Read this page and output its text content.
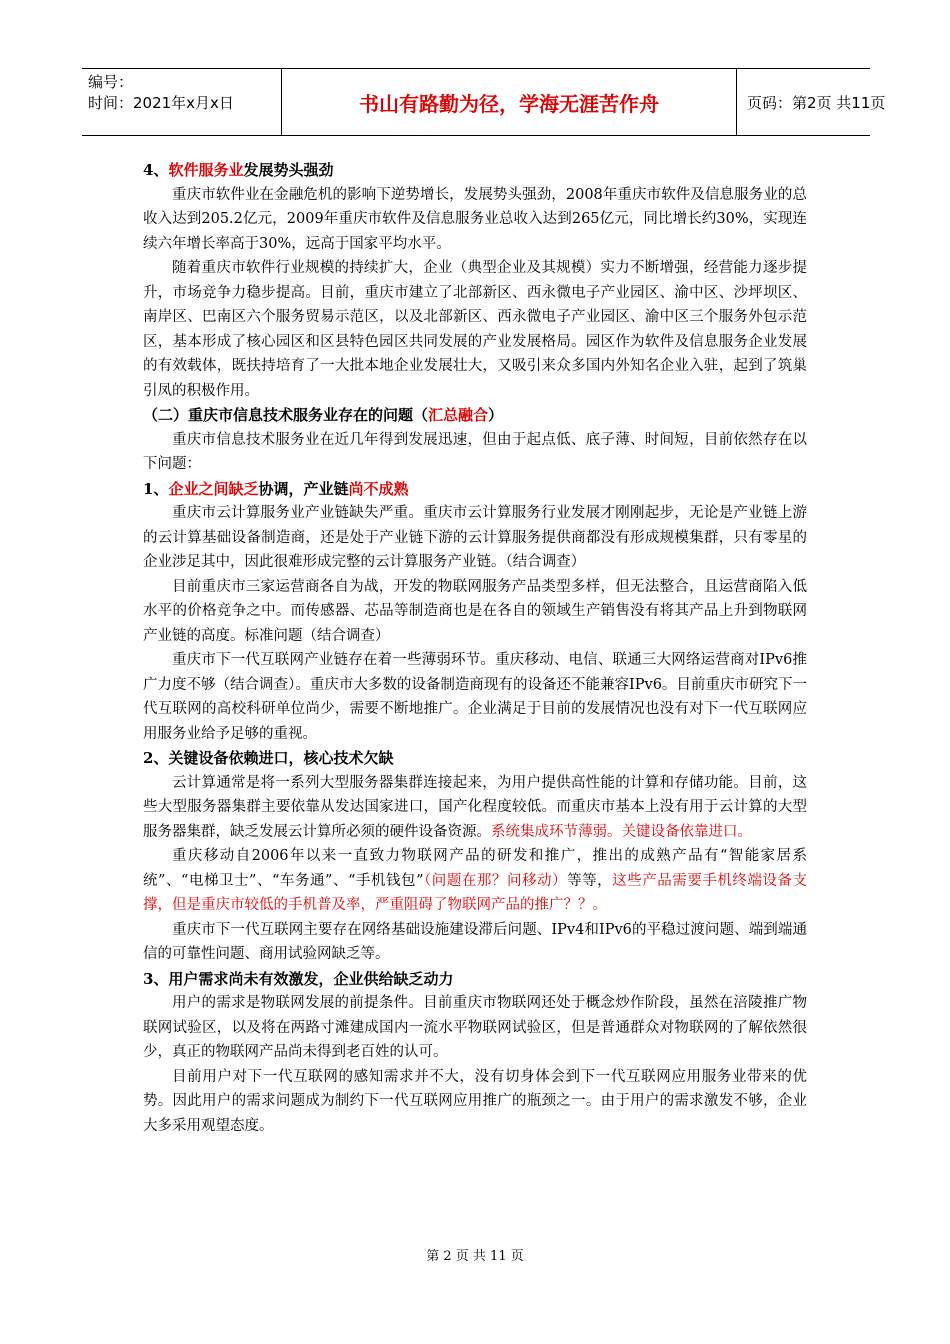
编号：
时间：2021年x月x日	书山有路勤为径，学海无涯苦作舟	页码：第2页 共11页

4、软件服务业发展势头强劲

重庆市软件业在金融危机的影响下逆势增长，发展势头强劲，2008年重庆市软件及信息服务业的总收入达到205.2亿元，2009年重庆市软件及信息服务业总收入达到265亿元，同比增长约30%，实现连续六年增长率高于30%，远高于国家平均水平。

随着重庆市软件行业规模的持续扩大，企业（典型企业及其规模）实力不断增强，经营能力逐步提升，市场竞争力稳步提高。目前，重庆市建立了北部新区、西永微电子产业园区、渝中区、沙坪坝区、南岸区、巴南区六个服务贸易示范区，以及北部新区、西永微电子产业园区、渝中区三个服务外包示范区，基本形成了核心园区和区县特色园区共同发展的产业发展格局。园区作为软件及信息服务企业发展的有效载体，既扶持培育了一大批本地企业发展壮大，又吸引来众多国内外知名企业入驻，起到了筑巢引凤的积极作用。

（二）重庆市信息技术服务业存在的问题（汇总融合）

重庆市信息技术服务业在近几年得到发展迅速，但由于起点低、底子薄、时间短，目前依然存在以下问题：

1、企业之间缺乏协调，产业链尚不成熟

重庆市云计算服务业产业链缺失严重。重庆市云计算服务行业发展才刚刚起步，无论是产业链上游的云计算基础设备制造商，还是处于产业链下游的云计算服务提供商都没有形成规模集群，只有零星的企业涉足其中，因此很难形成完整的云计算服务产业链。（结合调查）

目前重庆市三家运营商各自为战，开发的物联网服务产品类型多样，但无法整合，且运营商陷入低水平的价格竞争之中。而传感器、芯品等制造商也是在各自的领域生产销售没有将其产品上升到物联网产业链的高度。标准问题（结合调查）

重庆市下一代互联网产业链存在着一些薄弱环节。重庆移动、电信、联通三大网络运营商对IPv6推广力度不够（结合调查）。重庆市大多数的设备制造商现有的设备还不能兼容IPv6。目前重庆市研究下一代互联网的高校科研单位尚少，需要不断地推广。企业满足于目前的发展情况也没有对下一代互联网应用服务业给予足够的重视。

2、关键设备依赖进口，核心技术欠缺

云计算通常是将一系列大型服务器集群连接起来，为用户提供高性能的计算和存储功能。目前，这些大型服务器集群主要依靠从发达国家进口，国产化程度较低。而重庆市基本上没有用于云计算的大型服务器集群，缺乏发展云计算所必须的硬件设备资源。系统集成环节薄弱。关键设备依靠进口。

重庆移动自2006年以来一直致力物联网产品的研发和推广，推出的成熟产品有“智能家居系统”、“电梯卫士”、“车务通”、“手机钱包”（问题在那？问移动）等等，这些产品需要手机终端设备支撑，但是重庆市较低的手机普及率，严重阻碍了物联网产品的推广？？。

重庆市下一代互联网主要存在网络基础设施建设滞后问题、IPv4和IPv6的平稳过渡问题、端到端通信的可靠性问题、商用试验网缺乏等。

3、用户需求尚未有效激发，企业供给缺乏动力

用户的需求是物联网发展的前提条件。目前重庆市物联网还处于概念炒作阶段，虽然在涪陵推广物联网试验区，以及将在两路寸滩建成国内一流水平物联网试验区，但是普通群众对物联网的了解依然很少，真正的物联网产品尚未得到老百姓的认可。

目前用户对下一代互联网的感知需求并不大，没有切身体会到下一代互联网应用服务业带来的优势。因此用户的需求问题成为制约下一代互联网应用推广的瓶颈之一。由于用户的需求激发不够，企业大多采用观望态度。

第 2 页 共 11 页
